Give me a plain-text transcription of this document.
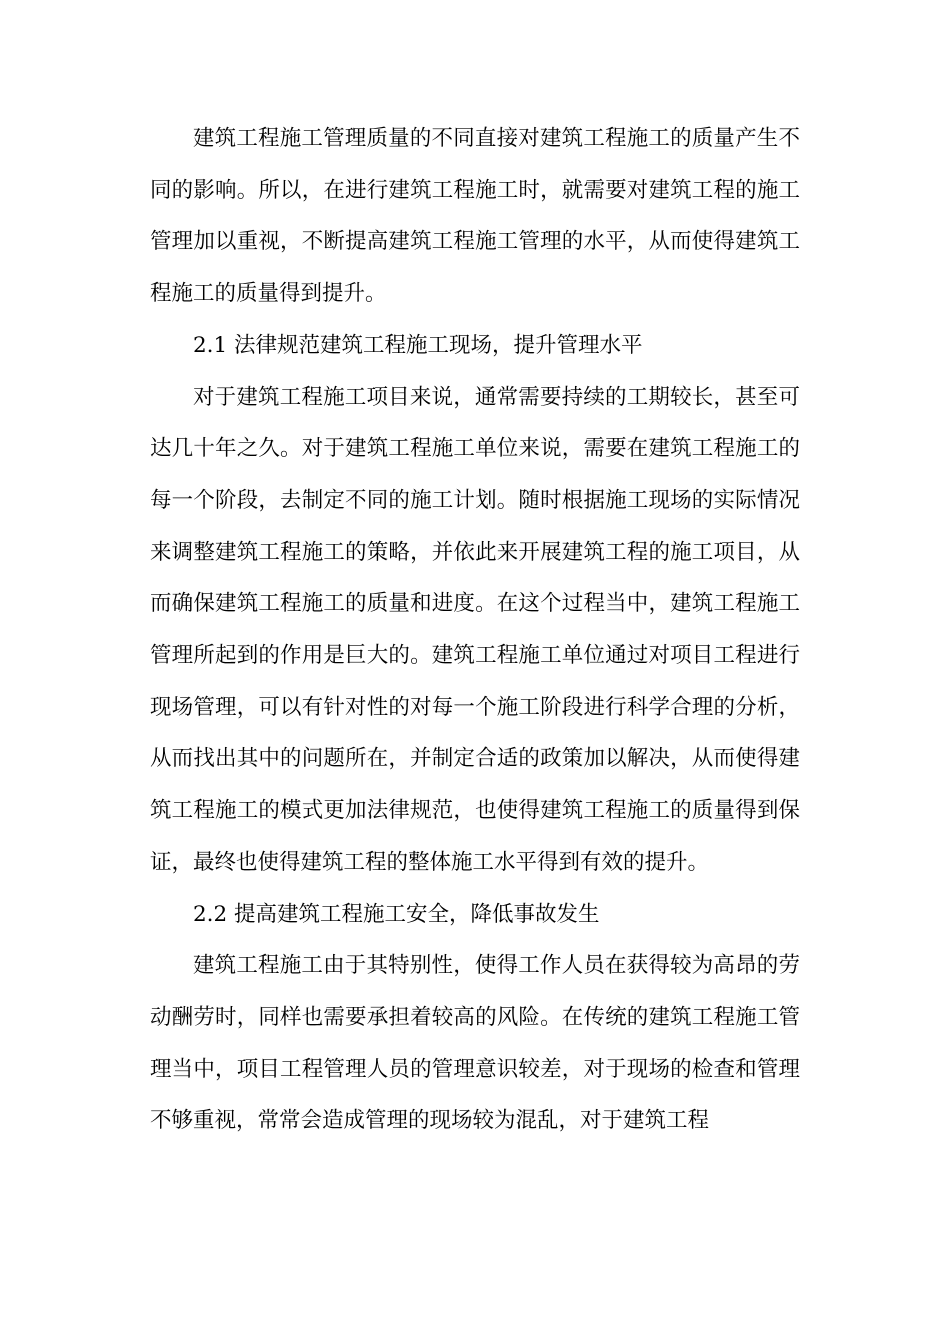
建筑工程施工管理质量的不同直接对建筑工程施工的质量产生不同的影响。所以，在进行建筑工程施工时，就需要对建筑工程的施工管理加以重视，不断提高建筑工程施工管理的水平，从而使得建筑工程施工的质量得到提升。

2.1 法律规范建筑工程施工现场，提升管理水平

对于建筑工程施工项目来说，通常需要持续的工期较长，甚至可达几十年之久。对于建筑工程施工单位来说，需要在建筑工程施工的每一个阶段，去制定不同的施工计划。随时根据施工现场的实际情况来调整建筑工程施工的策略，并依此来开展建筑工程的施工项目，从而确保建筑工程施工的质量和进度。在这个过程当中，建筑工程施工管理所起到的作用是巨大的。建筑工程施工单位通过对项目工程进行现场管理，可以有针对性的对每一个施工阶段进行科学合理的分析，从而找出其中的问题所在，并制定合适的政策加以解决，从而使得建筑工程施工的模式更加法律规范，也使得建筑工程施工的质量得到保证，最终也使得建筑工程的整体施工水平得到有效的提升。

2.2 提高建筑工程施工安全，降低事故发生

建筑工程施工由于其特别性，使得工作人员在获得较为高昂的劳动酬劳时，同样也需要承担着较高的风险。在传统的建筑工程施工管理当中，项目工程管理人员的管理意识较差，对于现场的检查和管理不够重视，常常会造成管理的现场较为混乱，对于建筑工程
